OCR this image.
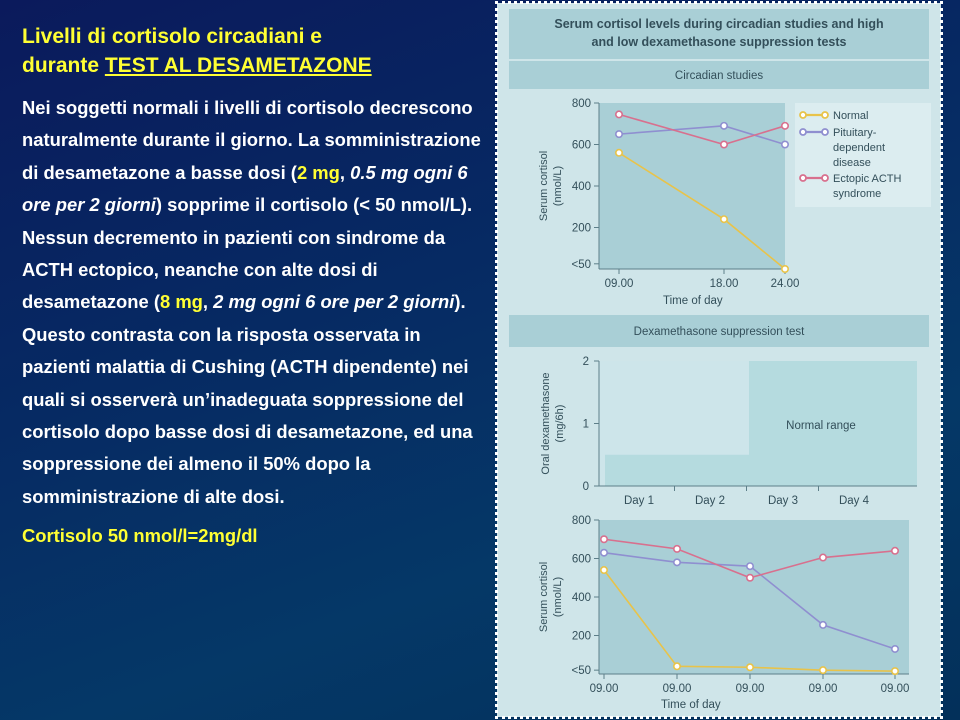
Livelli di cortisolo circadiani e
durante TEST AL DESAMETAZONE

Nei soggetti normali i livelli di cortisolo decrescono naturalmente durante il giorno. La somministrazione di desametazone a basse dosi (2 mg, 0.5 mg ogni 6 ore per 2 giorni) sopprime il cortisolo (< 50 nmol/L). Nessun decremento in pazienti con sindrome da ACTH ectopico, neanche con alte dosi di desametazone (8 mg, 2 mg ogni 6 ore per 2 giorni). Questo contrasta con la risposta osservata in pazienti malattia di Cushing (ACTH dipendente) nei quali si osserverà un’inadeguata soppressione del cortisolo dopo basse dosi di desametazone, ed una soppressione dei almeno il 50% dopo la somministrazione di alte dosi.

Cortisolo 50 nmol/l=2mg/dl
Serum cortisol levels during circadian studies and high
and low dexamethasone suppression tests
Circadian studies
Dexamethasone suppression test
<50
200
400
600
800
09.00	18.00	24.00
Time of day
Serum cortisol (nmol/L)
Normal
Pituitary-
dependent
disease
Ectopic ACTH
syndrome
0
1
2
Day 1	Day 2	Day 3	Day 4
Normal range
Oral dexamethasone (mg/6h)
<50
200
400
600
800
09.00	09.00	09.00	09.00	09.00
Time of day
Serum cortisol (nmol/L)
